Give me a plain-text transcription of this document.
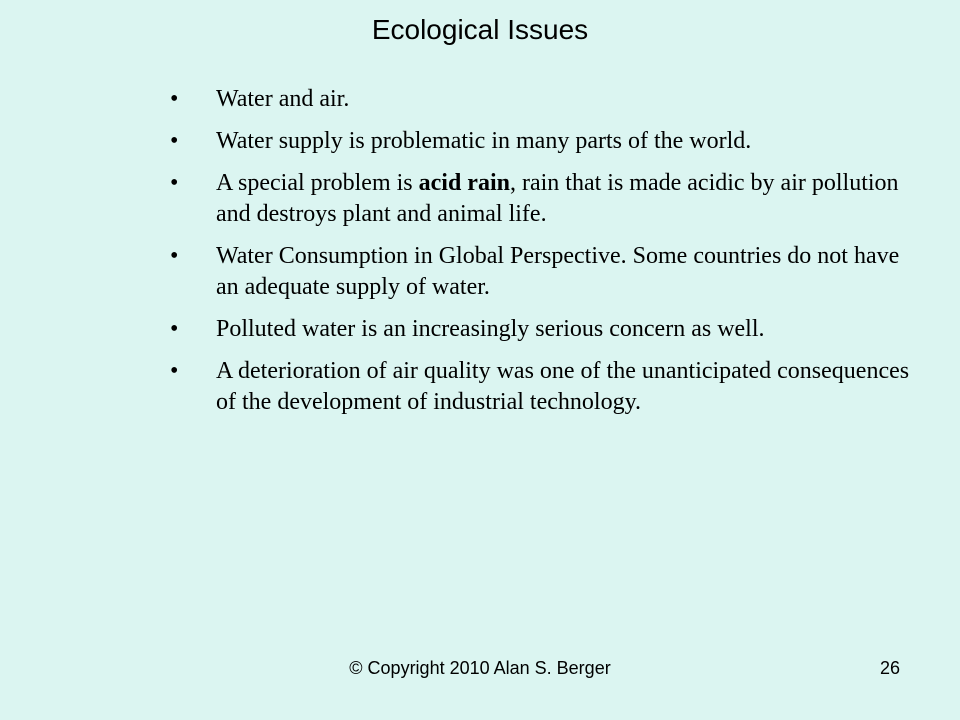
Ecological Issues
•	Water and air.
•	Water supply is problematic in many parts of the world.
•	A special problem is acid rain, rain that is made acidic by air pollution and destroys plant and animal life.
•	Water Consumption in Global Perspective. Some countries do not have an adequate supply of water.
•	Polluted water is an increasingly serious concern as well.
•	A deterioration of air quality was one of the unanticipated consequences of the development of industrial technology.
© Copyright 2010 Alan S. Berger	26
